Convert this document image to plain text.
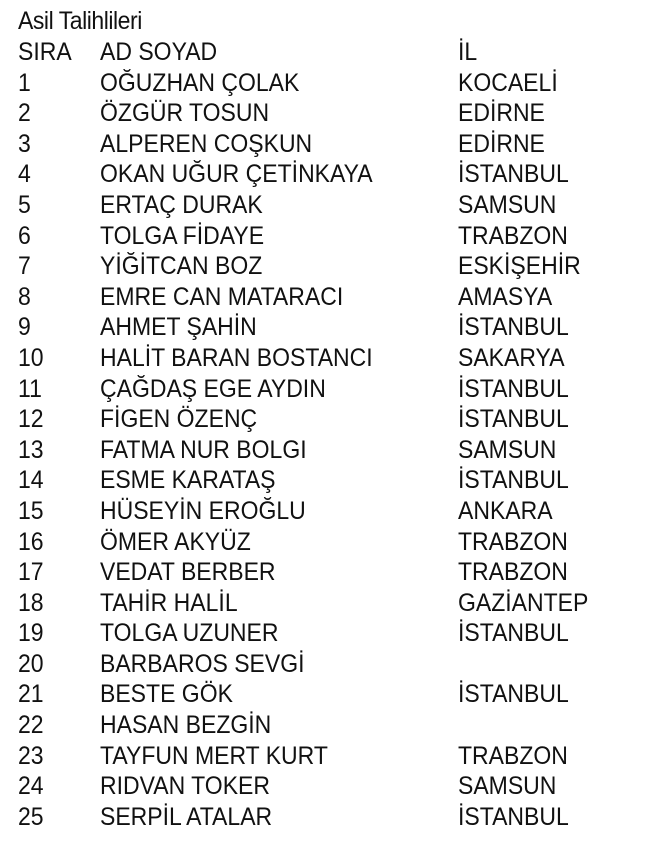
Asil Talihlileri
SIRA AD SOYAD	İL
1	OĞUZHAN ÇOLAK	KOCAELİ
2	ÖZGÜR TOSUN	EDİRNE
3	ALPEREN COŞKUN	EDİRNE
4	OKAN UĞUR ÇETİNKAYA	İSTANBUL
5	ERTAÇ DURAK	SAMSUN
6	TOLGA FİDAYE	TRABZON
7	YİĞİTCAN BOZ	ESKİŞEHİR
8	EMRE CAN MATARACI	AMASYA
9	AHMET ŞAHİN	İSTANBUL
10 HALİT BARAN BOSTANCI	SAKARYA
11 ÇAĞDAŞ EGE AYDIN	İSTANBUL
12 FİGEN ÖZENÇ	İSTANBUL
13 FATMA NUR BOLGI	SAMSUN
14 ESME KARATAŞ	İSTANBUL
15 HÜSEYİN EROĞLU	ANKARA
16 ÖMER AKYÜZ	TRABZON
17 VEDAT BERBER	TRABZON
18 TAHİR HALİL	GAZİANTEP
19 TOLGA UZUNER	İSTANBUL
20 BARBAROS SEVGİ
21 BESTE GÖK	İSTANBUL
22 HASAN BEZGİN
23 TAYFUN MERT KURT	TRABZON
24 RIDVAN TOKER	SAMSUN
25 SERPİL ATALAR	İSTANBUL
